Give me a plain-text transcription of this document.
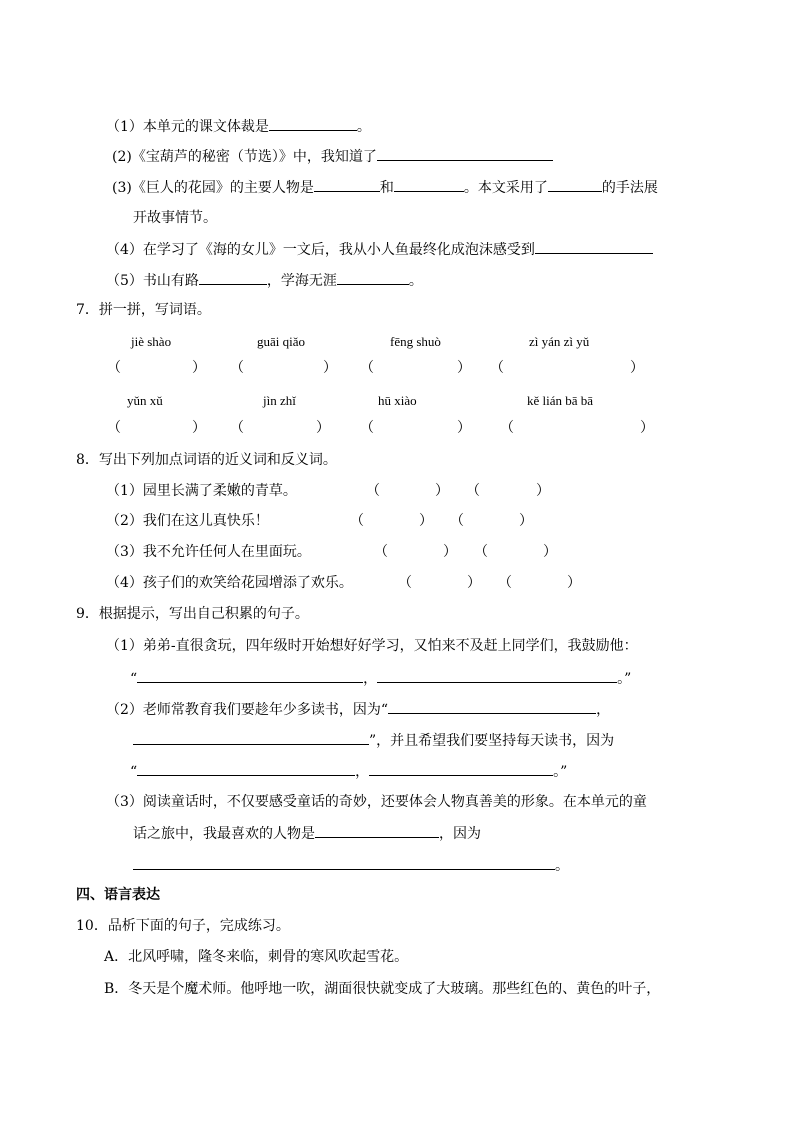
（1）本单元的课文体裁是	。
(2)《宝葫芦的秘密（节选）》中，我知道了
(3)《巨人的花园》的主要人物是	和	。本文采用了	的手法展
开故事情节。
（4）在学习了《海的女儿》一文后，我从小人鱼最终化成泡沫感受到
（5）书山有路	，学海无涯	。
7．拼一拼，写词语。
jiè shào	guāi qiǎo	fēng shuò	zì yán zì yǔ
（	） （	） （	） （	）
yǔn xǔ	jìn zhǐ	hū xiào	kě lián bā bā
（	） （	） （	） （	）
8．写出下列加点词语的近义词和反义词。
（1）园里长满了柔嫩的青草。	（	） （	）
（2）我们在这儿真快乐！	（	） （	）
（3）我不允许任何人在里面玩。	（	） （	）
（4）孩子们的欢笑给花园增添了欢乐。	（	） （	）
9．根据提示，写出自己积累的句子。
（1）弟弟-直很贪玩，四年级时开始想好好学习，又怕来不及赶上同学们，我鼓励他：
“	，	。”
（2）老师常教育我们要趁年少多读书，因为“	，
”，并且希望我们要坚持每天读书，因为
“	，	。”
（3）阅读童话时，不仅要感受童话的奇妙，还要体会人物真善美的形象。在本单元的童
话之旅中，我最喜欢的人物是	，因为
。
四、语言表达
10．品析下面的句子，完成练习。
A．北风呼啸，隆冬来临，刺骨的寒风吹起雪花。
B．冬天是个魔术师。他呼地一吹，湖面很快就变成了大玻璃。那些红色的、黄色的叶子，
